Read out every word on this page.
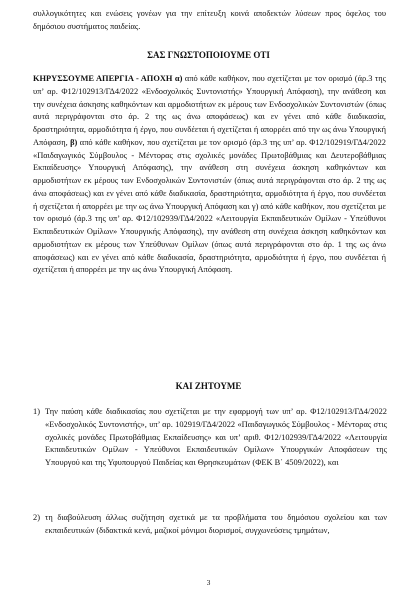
συλλογικότητες και ενώσεις γονέων για την επίτευξη κοινά αποδεκτών λύσεων προς όφελος του δημόσιου συστήματος παιδείας.

ΣΑΣ ΓΝΩΣΤΟΠΟΙΟΥΜΕ ΟΤΙ

ΚΗΡΥΣΣΟΥΜΕ ΑΠΕΡΓΙΑ - ΑΠΟΧΗ α) από κάθε καθήκον, που σχετίζεται με τον ορισμό (άρ.3 της υπ’ αρ. Φ12/102913/ΓΔ4/2022 «Ενδοσχολικός Συντονιστής» Υπουργική Απόφαση), την ανάθεση και την συνέχεια άσκησης καθηκόντων και αρμοδιοτήτων εκ μέρους των Ενδοσχολικών Συντονιστών (όπως αυτά περιγράφονται στο άρ. 2 της ως άνω αποφάσεως) και εν γένει από κάθε διαδικασία, δραστηριότητα, αρμοδιότητα ή έργο, που συνδέεται ή σχετίζεται ή απορρέει από την ως άνω Υπουργική Απόφαση, β) από κάθε καθήκον, που σχετίζεται με τον ορισμό (άρ.3 της υπ’ αρ. Φ12/102919/ΓΔ4/2022 «Παιδαγωγικός Σύμβουλος - Μέντορας στις σχολικές μονάδες Πρωτοβάθμιας και Δευτεροβάθμιας Εκπαίδευσης» Υπουργική Απόφασης), την ανάθεση στη συνέχεια άσκηση καθηκόντων και αρμοδιοτήτων εκ μέρους των Ενδοσχολικών Συντονιστών (όπως αυτά περιγράφονται στο άρ. 2 της ως άνω αποφάσεως) και εν γένει από κάθε διαδικασία, δραστηριότητα, αρμοδιότητα ή έργο, που συνδέεται ή σχετίζεται ή απορρέει με την ως άνω Υπουργική Απόφαση και γ) από κάθε καθήκον, που σχετίζεται με τον ορισμό (άρ.3 της υπ’ αρ. Φ12/102939/ΓΔ4/2022 «Λειτουργία Εκπαιδευτικών Ομίλων - Υπεύθυνοι Εκπαιδευτικών Ομίλων» Υπουργικής Απόφασης), την ανάθεση στη συνέχεια άσκηση καθηκόντων και αρμοδιοτήτων εκ μέρους των Υπεύθυνων Ομίλων (όπως αυτά περιγράφονται στο άρ. 1 της ως άνω αποφάσεως) και εν γένει από κάθε διαδικασία, δραστηριότητα, αρμοδιότητα ή έργο, που συνδέεται ή σχετίζεται ή απορρέει με την ως άνω Υπουργική Απόφαση.

ΚΑΙ ΖΗΤΟΥΜΕ

1) Την παύση κάθε διαδικασίας που σχετίζεται με την εφαρμογή των υπ’ αρ. Φ12/102913/ΓΔ4/2022 «Ενδοσχολικός Συντονιστής», υπ’ αρ. 102919/ΓΔ4/2022 «Παιδαγωγικός Σύμβουλος - Μέντορας στις σχολικές μονάδες Πρωτοβάθμιας Εκπαίδευσης» και υπ’ αριθ. Φ12/102939/ΓΔ4/2022 «Λειτουργία Εκπαιδευτικών Ομίλων - Υπεύθυνοι Εκπαιδευτικών Ομίλων» Υπουργικών Αποφάσεων της Υπουργού και της Υφυπουργού Παιδείας και Θρησκευμάτων (ΦΕΚ Β΄ 4509/2022), και
2) τη διαβούλευση άλλως συζήτηση σχετικά με τα προβλήματα του δημόσιου σχολείου και των εκπαιδευτικών (διδακτικά κενά, μαζικοί μόνιμοι διορισμοί, συγχωνεύσεις τμημάτων,
3
